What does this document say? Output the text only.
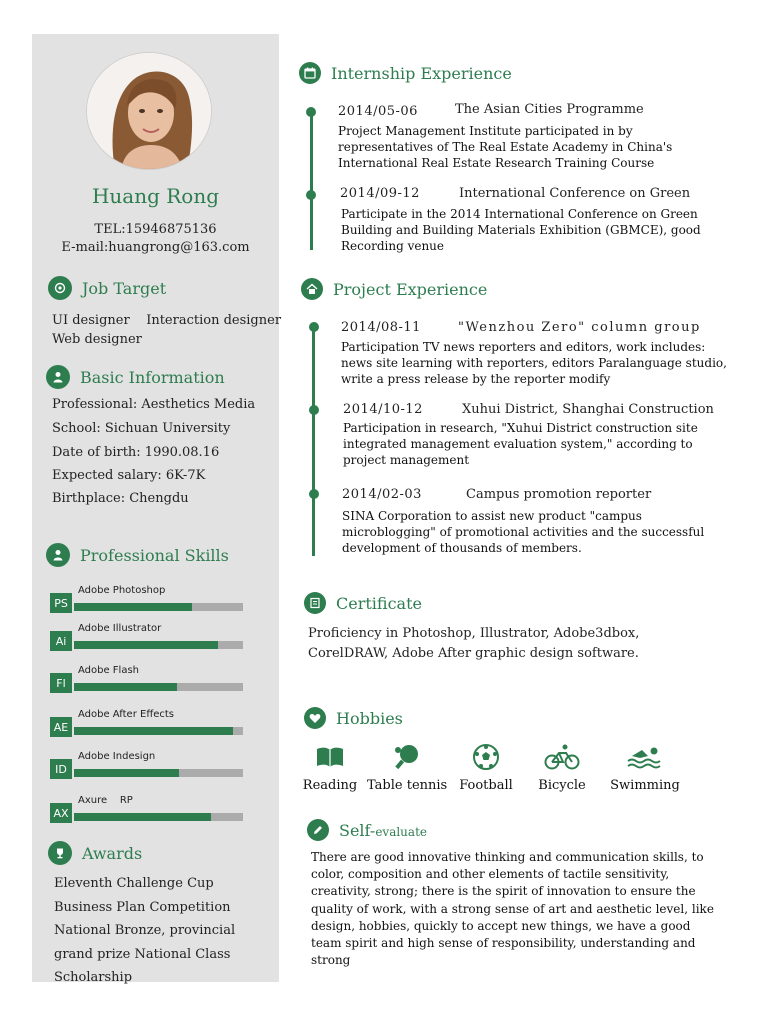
Huang Rong
TEL:15946875136
E-mail:huangrong@163.com
Job Target
UI designer    Interaction designer
Web designer
Basic Information
Professional: Aesthetics Media
School: Sichuan University
Date of birth: 1990.08.16
Expected salary: 6K-7K
Birthplace: Chengdu
Professional Skills
PS
Adobe Photoshop
Ai
Adobe Illustrator
Fl
Adobe Flash
AE
Adobe After Effects
ID
Adobe Indesign
AX
Axure    RP
Awards
Eleventh Challenge Cup Business Plan Competition National Bronze, provincial grand prize National Class Scholarship
Internship Experience
2014/05-06	The Asian Cities Programme
Project Management Institute participated in by representatives of The Real Estate Academy in China's International Real Estate Research Training Course
2014/09-12	International Conference on Green
Participate in the 2014 International Conference on Green Building and Building Materials Exhibition (GBMCE), good Recording venue
Project Experience
2014/08-11	"Wenzhou Zero" column group
Participation TV news reporters and editors, work includes: news site learning with reporters, editors Paralanguage studio, write a press release by the reporter modify
2014/10-12	Xuhui District, Shanghai Construction
Participation in research, "Xuhui District construction site integrated management evaluation system," according to project management
2014/02-03	Campus promotion reporter
SINA Corporation to assist new product "campus microblogging" of promotional activities and the successful development of thousands of members.
Certificate
Proficiency in Photoshop, Illustrator, Adobe3dbox, CorelDRAW, Adobe After graphic design software.
Hobbies
Reading Table tennis Football	Bicycle	Swimming
Self-evaluate
There are good innovative thinking and communication skills, to color, composition and other elements of tactile sensitivity, creativity, strong; there is the spirit of innovation to ensure the quality of work, with a strong sense of art and aesthetic level, like design, hobbies, quickly to accept new things, we have a good team spirit and high sense of responsibility, understanding and strong
